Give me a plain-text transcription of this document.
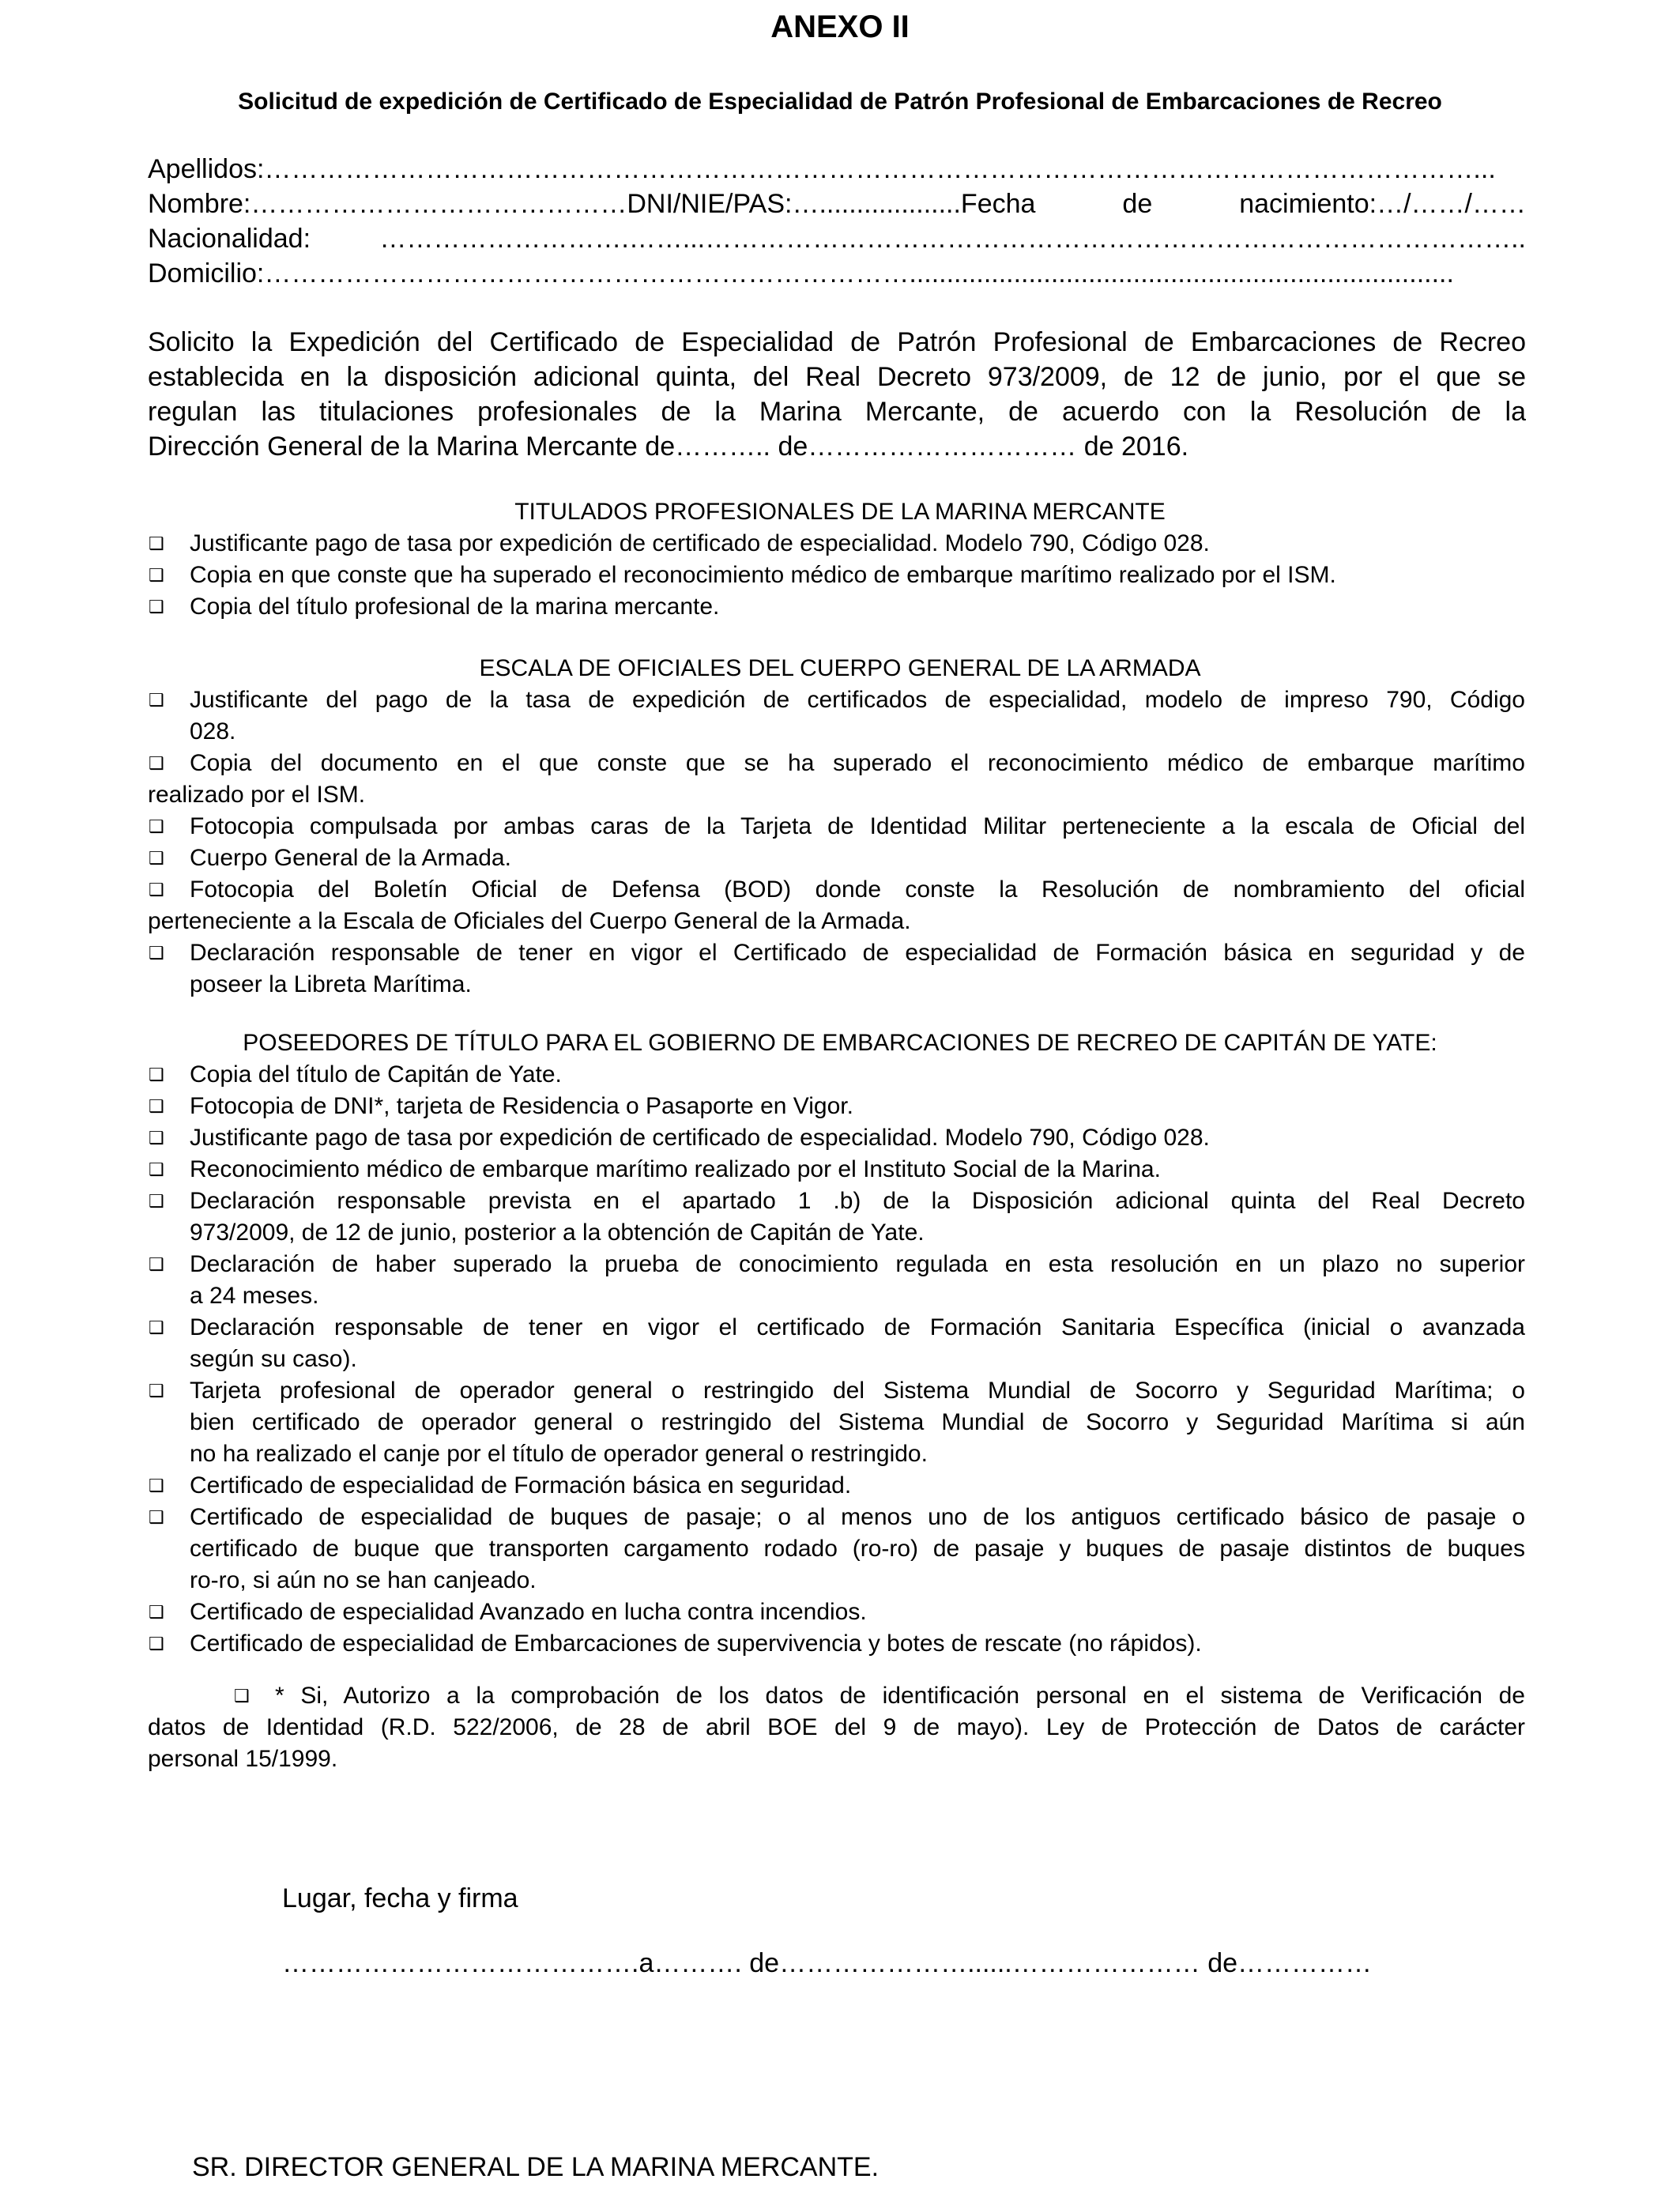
ANEXO II
Solicitud de expedición de Certificado de Especialidad de Patrón Profesional de Embarcaciones de Recreo
Apellidos:………………………………………………………………………………………………………………………...
Nombre:……………………………………DNI/NIE/PAS:…...................Fecha de nacimiento:…/……/……
Nacionalidad: ……………………….……...………………………………………………………………………………..
Domicilio:……………………………………………………………….........................................................................
Solicito la Expedición del Certificado de Especialidad de Patrón Profesional de Embarcaciones de Recreo
establecida en la disposición adicional quinta, del Real Decreto 973/2009, de 12 de junio, por el que se
regulan las titulaciones profesionales de la Marina Mercante, de acuerdo con la Resolución de la
Dirección General de la Marina Mercante de……….. de………………………… de 2016.
TITULADOS PROFESIONALES DE LA MARINA MERCANTE
❑ Justificante pago de tasa por expedición de certificado de especialidad. Modelo 790, Código 028.
❑ Copia en que conste que ha superado el reconocimiento médico de embarque marítimo realizado por el ISM.
❑ Copia del título profesional de la marina mercante.
ESCALA DE OFICIALES DEL CUERPO GENERAL DE LA ARMADA
❑ Justificante del pago de la tasa de expedición de certificados de especialidad, modelo de impreso 790, Código
028.
❑ Copia del documento en el que conste que se ha superado el reconocimiento médico de embarque marítimo
realizado por el ISM.
❑ Fotocopia compulsada por ambas caras de la Tarjeta de Identidad Militar perteneciente a la escala de Oficial del
❑ Cuerpo General de la Armada.
❑ Fotocopia del Boletín Oficial de Defensa (BOD) donde conste la Resolución de nombramiento del oficial
perteneciente a la Escala de Oficiales del Cuerpo General de la Armada.
❑ Declaración responsable de tener en vigor el Certificado de especialidad de Formación básica en seguridad y de
poseer la Libreta Marítima.
POSEEDORES DE TÍTULO PARA EL GOBIERNO DE EMBARCACIONES DE RECREO DE CAPITÁN DE YATE:
❑ Copia del título de Capitán de Yate.
❑ Fotocopia de DNI*, tarjeta de Residencia o Pasaporte en Vigor.
❑ Justificante pago de tasa por expedición de certificado de especialidad. Modelo 790, Código 028.
❑ Reconocimiento médico de embarque marítimo realizado por el Instituto Social de la Marina.
❑ Declaración responsable prevista en el apartado 1 .b) de la Disposición adicional quinta del Real Decreto
973/2009, de 12 de junio, posterior a la obtención de Capitán de Yate.
❑ Declaración de haber superado la prueba de conocimiento regulada en esta resolución en un plazo no superior
a 24 meses.
❑ Declaración responsable de tener en vigor el certificado de Formación Sanitaria Específica (inicial o avanzada
según su caso).
❑ Tarjeta profesional de operador general o restringido del Sistema Mundial de Socorro y Seguridad Marítima; o
bien certificado de operador general o restringido del Sistema Mundial de Socorro y Seguridad Marítima si aún
no ha realizado el canje por el título de operador general o restringido.
❑ Certificado de especialidad de Formación básica en seguridad.
❑ Certificado de especialidad de buques de pasaje; o al menos uno de los antiguos certificado básico de pasaje o
certificado de buque que transporten cargamento rodado (ro-ro) de pasaje y buques de pasaje distintos de buques
ro-ro, si aún no se han canjeado.
❑ Certificado de especialidad Avanzado en lucha contra incendios.
❑ Certificado de especialidad de Embarcaciones de supervivencia y botes de rescate (no rápidos).
❑ * Si, Autorizo a la comprobación de los datos de identificación personal en el sistema de Verificación de
datos de Identidad (R.D. 522/2006, de 28 de abril BOE del 9 de mayo). Ley de Protección de Datos de carácter
personal 15/1999.
Lugar, fecha y firma
………………………………….a………. de…………………......………………… de……………
SR. DIRECTOR GENERAL DE LA MARINA MERCANTE.
